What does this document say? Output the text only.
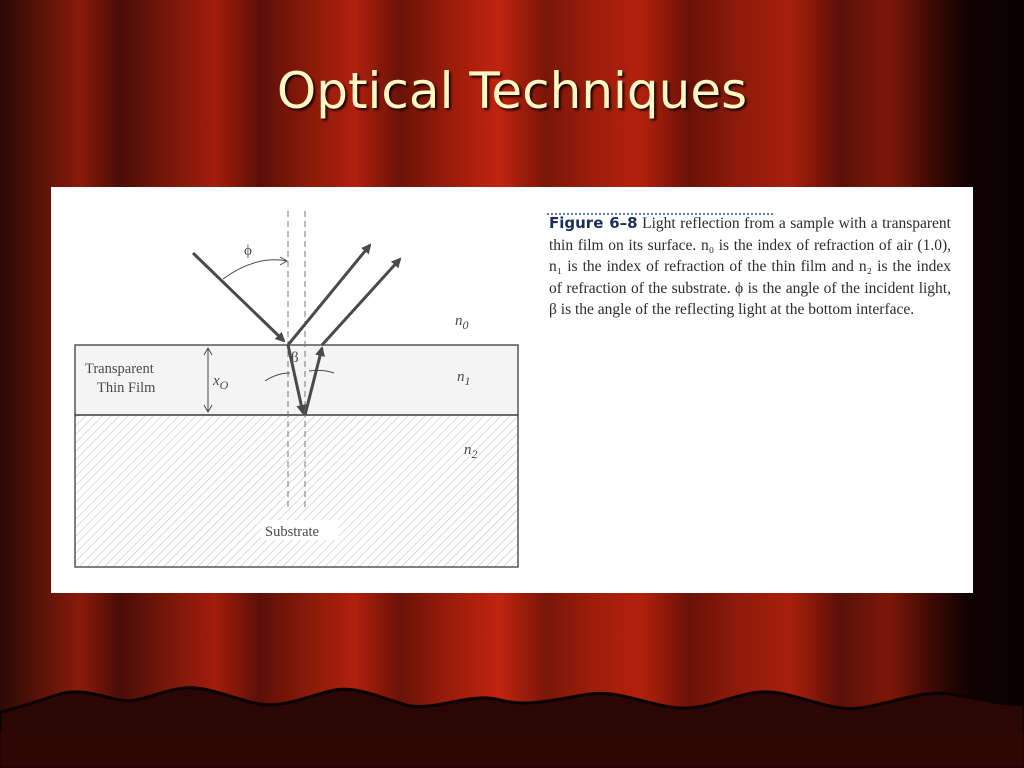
Optical Techniques
ϕ
β
$n_0$
$n_1$
$n_2$
Transparent
Thin Film	$x_O$
Substrate
Figure 6–8 Light reflection from a sample with a transparent thin film on its surface. n₀ is the index of refraction of air (1.0), n₁ is the index of refraction of the thin film and n₂ is the index of refraction of the substrate. ϕ is the angle of the incident light, β is the angle of the reflecting light at the bottom interface.
